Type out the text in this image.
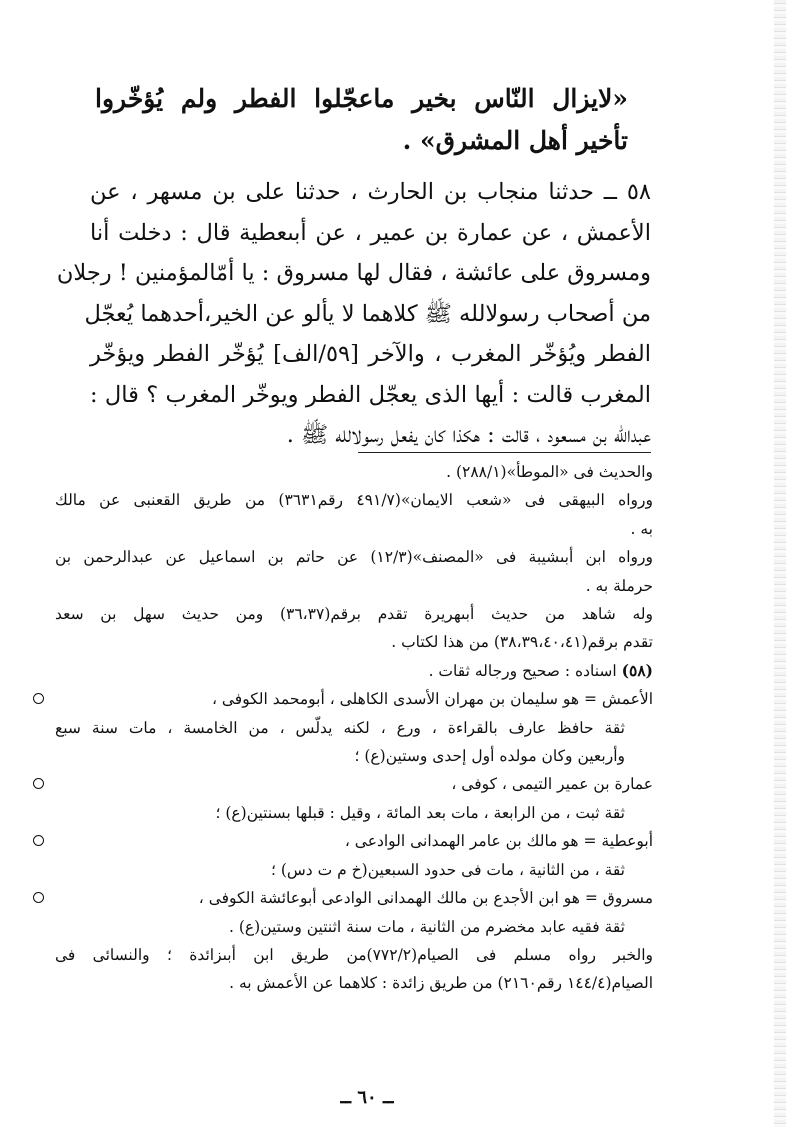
«لايزال النّاس بخير ماعجّلوا الفطر ولم يُؤخّروا تأخير أهل المشرق» .
٥٨ ــ حدثنا منجاب بن الحارث ، حدثنا على بن مسهر ، عن
الأعمش ، عن عمارة بن عمير ، عن أبىعطية قال : دخلت أنا
ومسروق على عائشة ، فقال لها مسروق : يا أمّالمؤمنين ! رجلان
من أصحاب رسولالله ﷺ كلاهما لا يألو عن الخير،أحدهما يُعجّل
الفطر ويُؤخّر المغرب ، والآخر [٥٩/الف] يُؤخّر الفطر ويؤخّر
المغرب قالت : أيها الذى يعجّل الفطر ويوخّر المغرب ؟ قال :
عبدالله بن مسعود ، قالت : هكذا كان يفعل رسولالله ﷺ .
والحديث فى «الموطأ»(٢٨٨/١) .
ورواه البيهقى فى «شعب الايمان»(٤٩١/٧ رقم٣٦٣١) من طريق القعنبى عن مالك
به .
ورواه ابن أبىشيبة فى «المصنف»(١٢/٣) عن حاتم بن اسماعيل عن عبدالرحمن بن
حرملة به .
وله شاهد من حديث أبىهريرة تقدم برقم(٣٦،٣٧) ومن حديث سهل بن سعد
تقدم برقم(٣٨،٣٩،٤٠،٤١) من هذا لكتاب .
(٥٨) اسناده : صحيح ورجاله ثقات .
الأعمش = هو سليمان بن مهران الأسدى الكاهلى ، أبومحمد الكوفى ،
ثقة حافظ عارف بالقراءة ، ورع ، لكنه يدلّس ، من الخامسة ، مات سنة سبع
وأربعين وكان مولده أول إحدى وستين(ع) ؛
عمارة بن عمير التيمى ، كوفى ،
ثقة ثبت ، من الرابعة ، مات بعد المائة ، وقيل : قبلها بسنتين(ع) ؛
أبوعطية = هو مالك بن عامر الهمدانى الوادعى ،
ثقة ، من الثانية ، مات فى حدود السبعين(خ م ت دس) ؛
مسروق = هو ابن الأجدع بن مالك الهمدانى الوادعى أبوعائشة الكوفى ،
ثقة فقيه عابد مخضرم من الثانية ، مات سنة اثنتين وستين(ع) .
والخبر رواه مسلم فى الصيام(٧٧٢/٢)من طريق ابن أبىزائدة ؛ والنسائى فى
الصيام(١٤٤/٤ رقم٢١٦٠) من طريق زائدة : كلاهما عن الأعمش به .
ــ ٦٠ ــ
